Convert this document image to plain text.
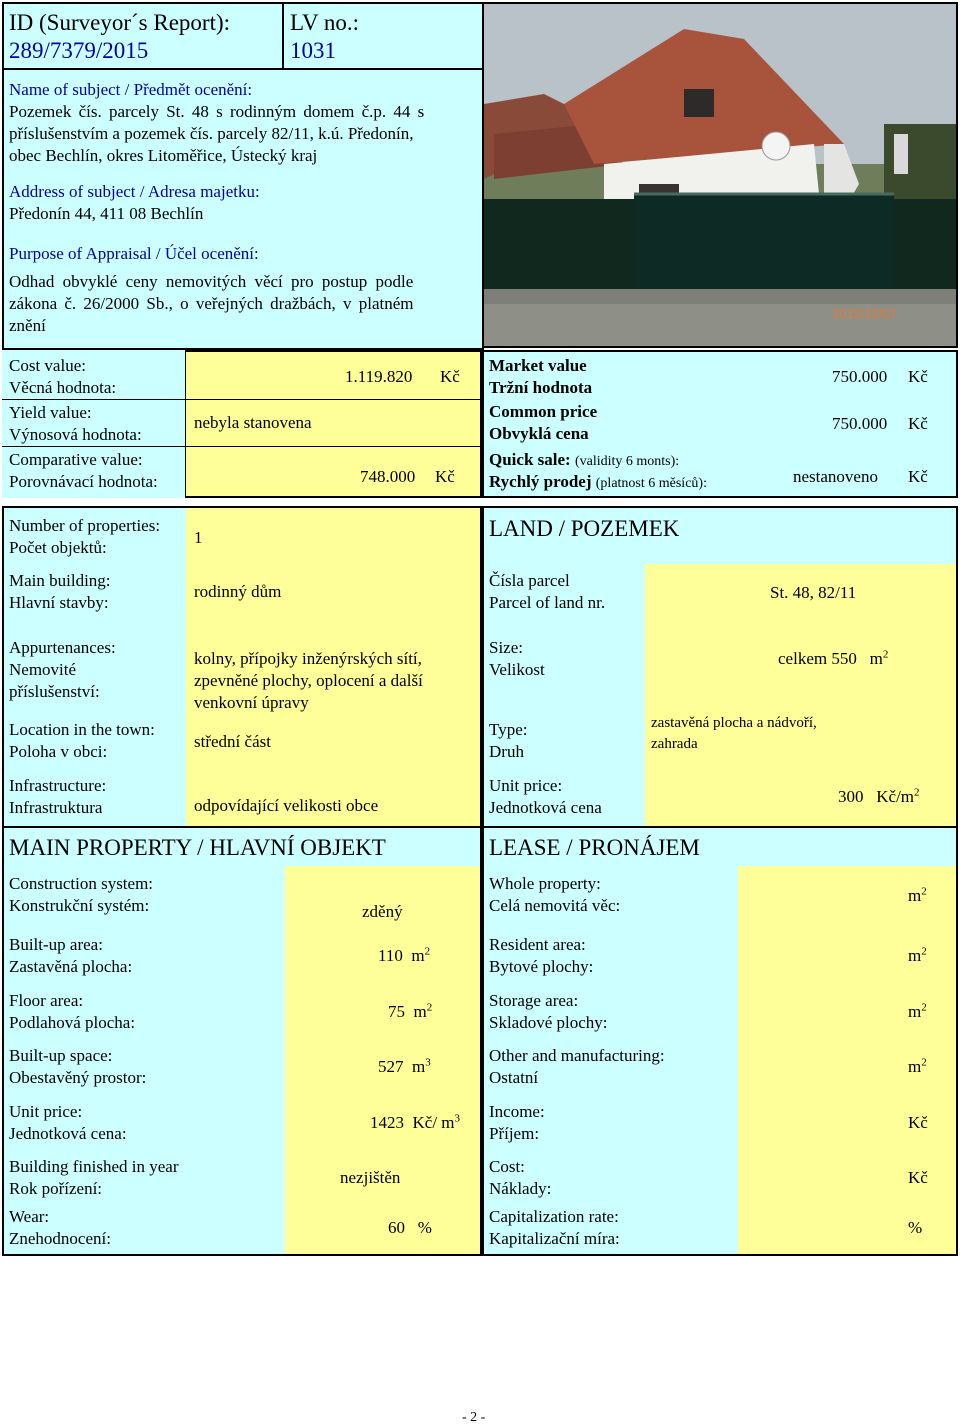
ID (Surveyor´s Report):
289/7379/2015
LV no.:
1031
Name of subject / Předmět ocenění:
Pozemek čís. parcely St. 48 s rodinným domem č.p. 44 s
příslušenstvím a pozemek čís. parcely 82/11, k.ú. Předonín,
obec Bechlín, okres Litoměřice, Ústecký kraj
Address of subject / Adresa majetku:
Předonín 44, 411 08 Bechlín
Purpose of Appraisal / Účel ocenění:
Odhad obvyklé ceny nemovitých věcí pro postup podle
zákona č. 26/2000 Sb., o veřejných dražbách, v platném
znění
2015/10/07
Cost value:
Věcná hodnota:
1.119.820 Kč
Yield value:
Výnosová hodnota:
nebyla stanovena
Comparative value:
Porovnávací hodnota:	748.000 Kč
Market value
Tržní hodnota
750.000 Kč
Common price
Obvyklá cena
750.000 Kč
Quick sale: (validity 6 monts):
Rychlý prodej (platnost 6 měsíců):	nestanoveno Kč
Number of properties:
Počet objektů:
1
Main building:
Hlavní stavby:
rodinný dům
Appurtenances:
Nemovité
příslušenství:
kolny, přípojky inženýrských sítí,
zpevněné plochy, oplocení a další
venkovní úpravy
Location in the town:
Poloha v obci:
střední část
Infrastructure:
Infrastruktura	odpovídající velikosti obce
LAND / POZEMEK
Čísla parcel
Parcel of land nr.
St. 48, 82/11
Size:
Velikost
celkem 550 $m^2$
Type:
Druh
zastavěná plocha a nádvoří,
zahrada
Unit price:
Jednotková cena
300 $Kč/m^2$
MAIN PROPERTY / HLAVNÍ OBJEKT
Construction system:
Konstrukční systém:	zděný
Built-up area:
Zastavěná plocha:
110 $m^2$
Floor area:
Podlahová plocha:
75 $m^2$
Built-up space:
Obestavěný prostor:
527 $m^3$
Unit price:
Jednotková cena:
1423 Kč/ $m^3$
Building finished in year
Rok pořízení:
nezjištěn
Wear:
Znehodnocení:
60 %
LEASE / PRONÁJEM
Whole property:
Celá nemovitá věc:
$m^2$
Resident area:
Bytové plochy:
$m^2$
Storage area:
Skladové plochy:
$m^2$
Other and manufacturing:
Ostatní
$m^2$
Income:
Příjem:
Kč
Cost:
Náklady:
Kč
Capitalization rate:
Kapitalizační míra:
%
- 2 -
